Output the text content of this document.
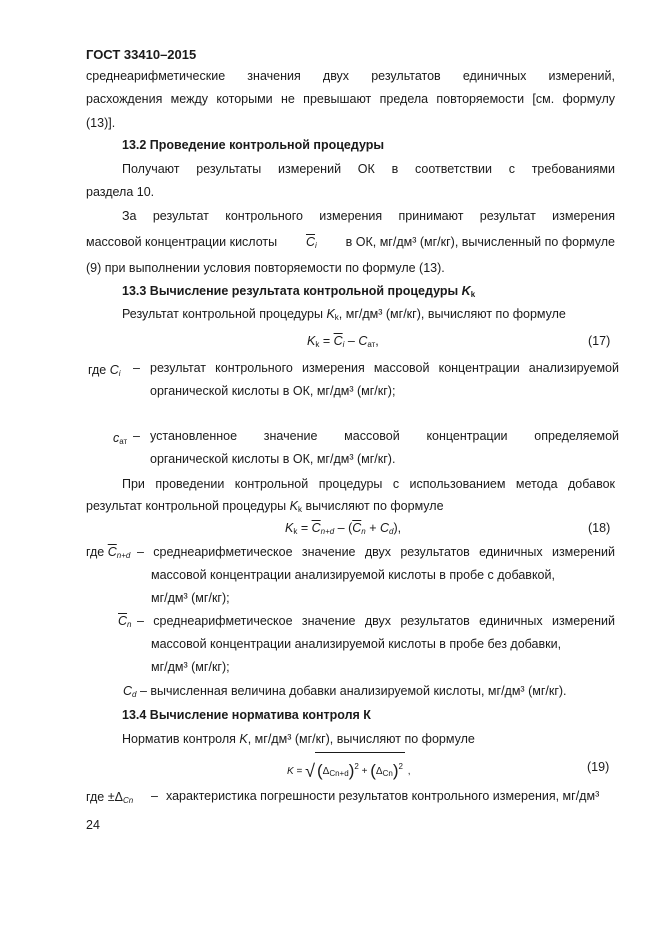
ГОСТ 33410–2015
среднеарифметические значения двух результатов единичных измерений,
расхождения между которыми не превышают предела повторяемости [см. формулу
(13)].
13.2 Проведение контрольной процедуры
Получают результаты измерений ОК в соответствии с требованиями
раздела 10.
За результат контрольного измерения принимают результат измерения
массовой концентрации кислоты $\overline{C}_i$ в ОК, мг/дм³ (мг/кг), вычисленный по формуле
(9) при выполнении условия повторяемости по формуле (13).
13.3 Вычисление результата контрольной процедуры $K_k$
Результат контрольной процедуры $K_k$, мг/дм³ (мг/кг), вычисляют по формуле
$K_k = \overline{C}_i - C_{ат}$,	(17)
где $C_i$ – результат контрольного измерения массовой концентрации анализируемой
органической кислоты в ОК, мг/дм³ (мг/кг);
$c_{ат}$ – установленное значение массовой концентрации определяемой
органической кислоты в ОК, мг/дм³ (мг/кг).
При проведении контрольной процедуры с использованием метода добавок
результат контрольной процедуры $K_k$ вычисляют по формуле
$K_k = \overline{C}_{n+d} - (\overline{C}_n + C_d)$,	(18)
где $\overline{C}_{n+d}$ – среднеарифметическое значение двух результатов единичных измерений
массовой концентрации анализируемой кислоты в пробе с добавкой,
мг/дм³ (мг/кг);
$\overline{C}_n$ – среднеарифметическое значение двух результатов единичных измерений
массовой концентрации анализируемой кислоты в пробе без добавки,
мг/дм³ (мг/кг);
$C_d$ – вычисленная величина добавки анализируемой кислоты, мг/дм³ (мг/кг).
13.4 Вычисление норматива контроля К
Норматив контроля K, мг/дм³ (мг/кг), вычисляют по формуле
K = √ $(\Delta_{Cn+d})^2 + (\Delta_{Cn})^2$ ,	(19)
где $\pm\Delta_{Cn}$ – характеристика погрешности результатов контрольного измерения, мг/дм³
24
